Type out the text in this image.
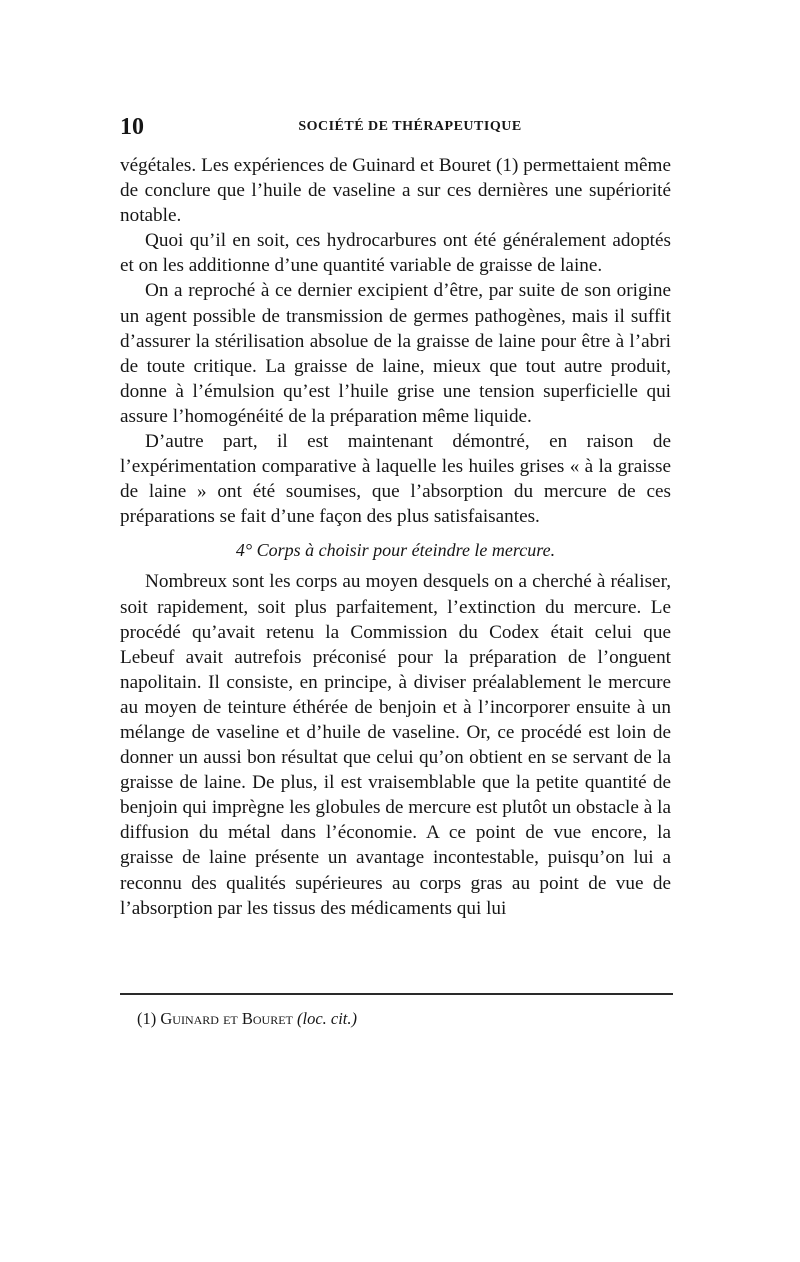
10	SOCIÉTÉ DE THÉRAPEUTIQUE

végétales. Les expériences de Guinard et Bouret (1) permettaient même de conclure que l’huile de vaseline a sur ces dernières une supériorité notable.

Quoi qu’il en soit, ces hydrocarbures ont été généralement adoptés et on les additionne d’une quantité variable de graisse de laine.

On a reproché à ce dernier excipient d’être, par suite de son origine un agent possible de transmission de germes pathogènes, mais il suffit d’assurer la stérilisation absolue de la graisse de laine pour être à l’abri de toute critique. La graisse de laine, mieux que tout autre produit, donne à l’émulsion qu’est l’huile grise une tension superficielle qui assure l’homogénéité de la préparation même liquide.

D’autre part, il est maintenant démontré, en raison de l’expérimentation comparative à laquelle les huiles grises « à la graisse de laine » ont été soumises, que l’absorption du mercure de ces préparations se fait d’une façon des plus satisfaisantes.

4° Corps à choisir pour éteindre le mercure.

Nombreux sont les corps au moyen desquels on a cherché à réaliser, soit rapidement, soit plus parfaitement, l’extinction du mercure. Le procédé qu’avait retenu la Commission du Codex était celui que Lebeuf avait autrefois préconisé pour la préparation de l’onguent napolitain. Il consiste, en principe, à diviser préalablement le mercure au moyen de teinture éthérée de benjoin et à l’incorporer ensuite à un mélange de vaseline et d’huile de vaseline. Or, ce procédé est loin de donner un aussi bon résultat que celui qu’on obtient en se servant de la graisse de laine. De plus, il est vraisemblable que la petite quantité de benjoin qui imprègne les globules de mercure est plutôt un obstacle à la diffusion du métal dans l’économie. A ce point de vue encore, la graisse de laine présente un avantage incontestable, puisqu’on lui a reconnu des qualités supérieures au corps gras au point de vue de l’absorption par les tissus des médicaments qui lui

(1) Guinard et Bouret (loc. cit.)
